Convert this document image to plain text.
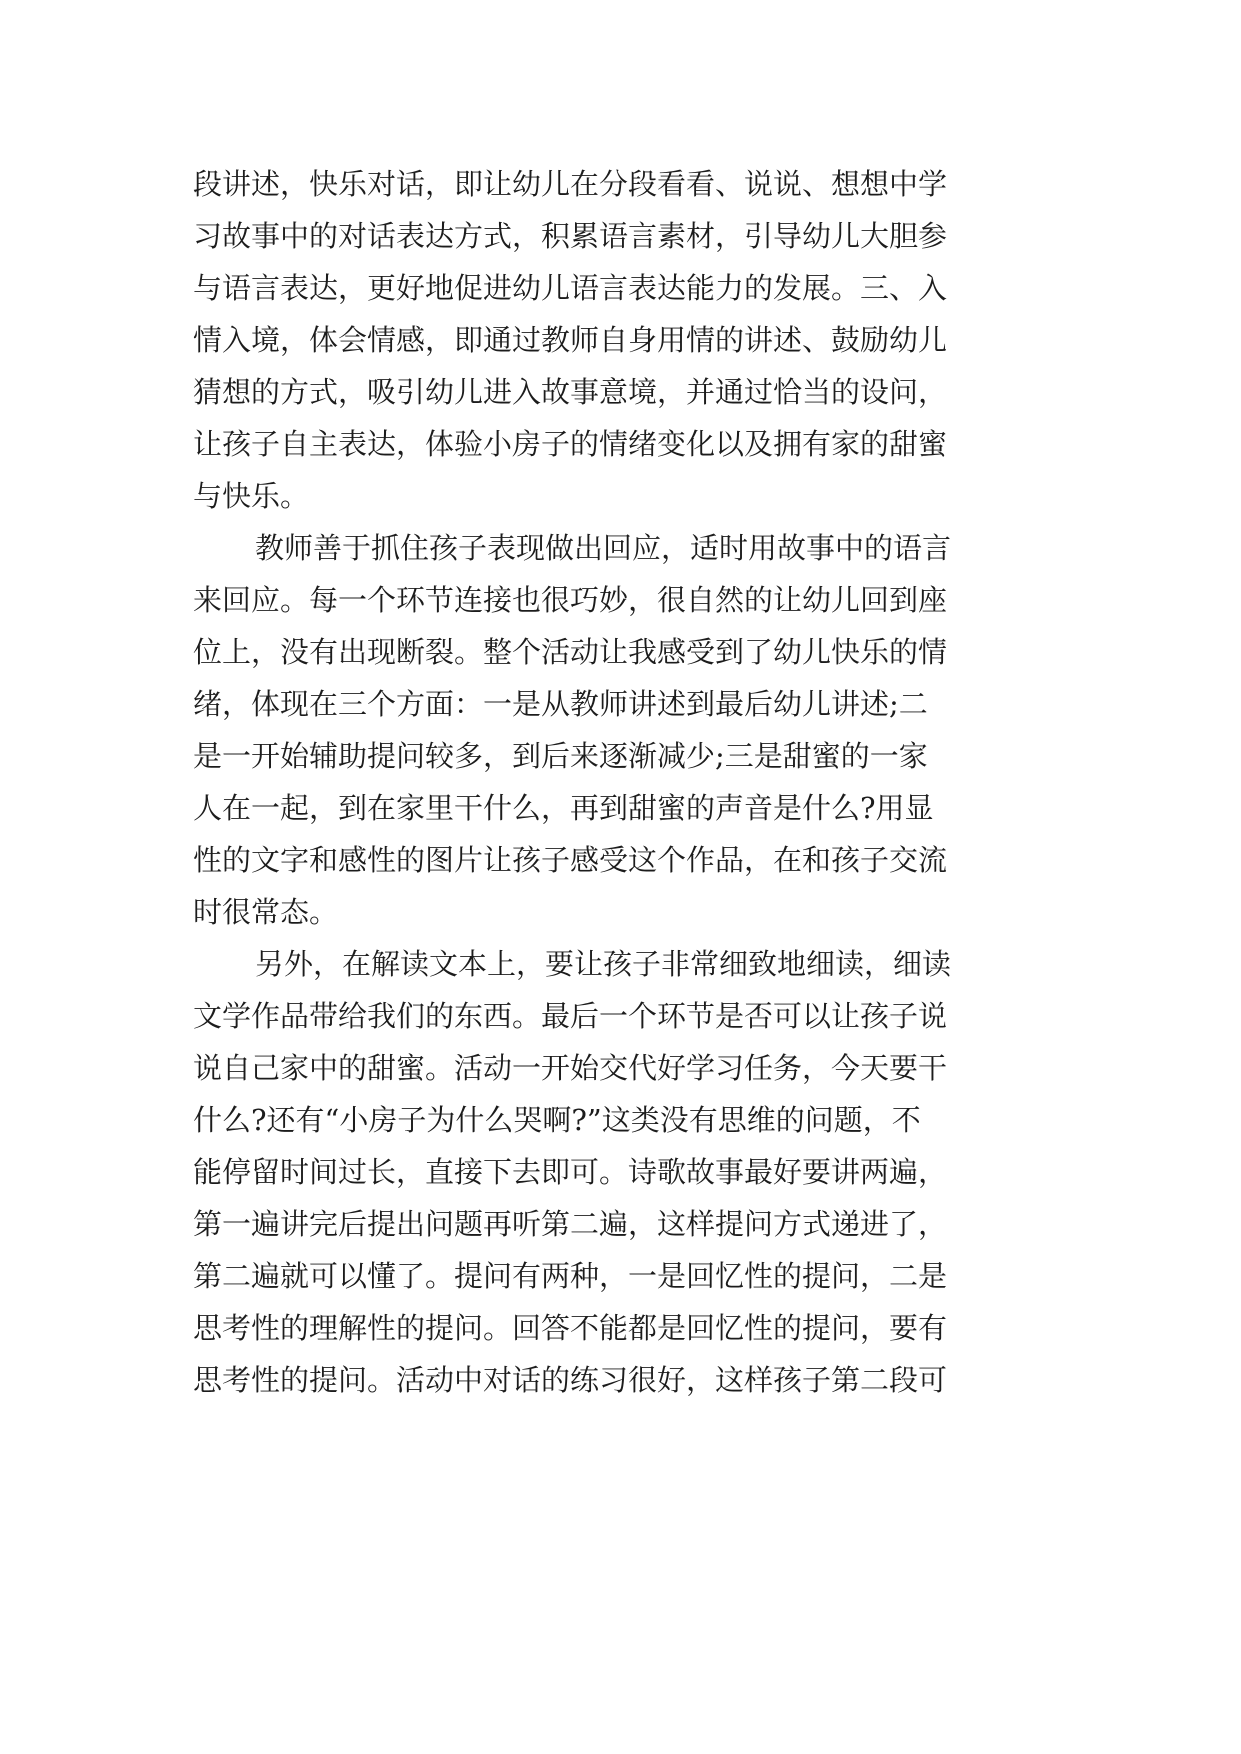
段讲述，快乐对话，即让幼儿在分段看看、说说、想想中学
习故事中的对话表达方式，积累语言素材，引导幼儿大胆参
与语言表达，更好地促进幼儿语言表达能力的发展。三、入
情入境，体会情感，即通过教师自身用情的讲述、鼓励幼儿
猜想的方式，吸引幼儿进入故事意境，并通过恰当的设问，
让孩子自主表达，体验小房子的情绪变化以及拥有家的甜蜜
与快乐。
教师善于抓住孩子表现做出回应，适时用故事中的语言
来回应。每一个环节连接也很巧妙，很自然的让幼儿回到座
位上，没有出现断裂。整个活动让我感受到了幼儿快乐的情
绪，体现在三个方面：一是从教师讲述到最后幼儿讲述;二
是一开始辅助提问较多，到后来逐渐减少;三是甜蜜的一家
人在一起，到在家里干什么，再到甜蜜的声音是什么?用显
性的文字和感性的图片让孩子感受这个作品，在和孩子交流
时很常态。
另外，在解读文本上，要让孩子非常细致地细读，细读
文学作品带给我们的东西。最后一个环节是否可以让孩子说
说自己家中的甜蜜。活动一开始交代好学习任务，今天要干
什么?还有“小房子为什么哭啊?”这类没有思维的问题，不
能停留时间过长，直接下去即可。诗歌故事最好要讲两遍，
第一遍讲完后提出问题再听第二遍，这样提问方式递进了，
第二遍就可以懂了。提问有两种，一是回忆性的提问，二是
思考性的理解性的提问。回答不能都是回忆性的提问，要有
思考性的提问。活动中对话的练习很好，这样孩子第二段可
